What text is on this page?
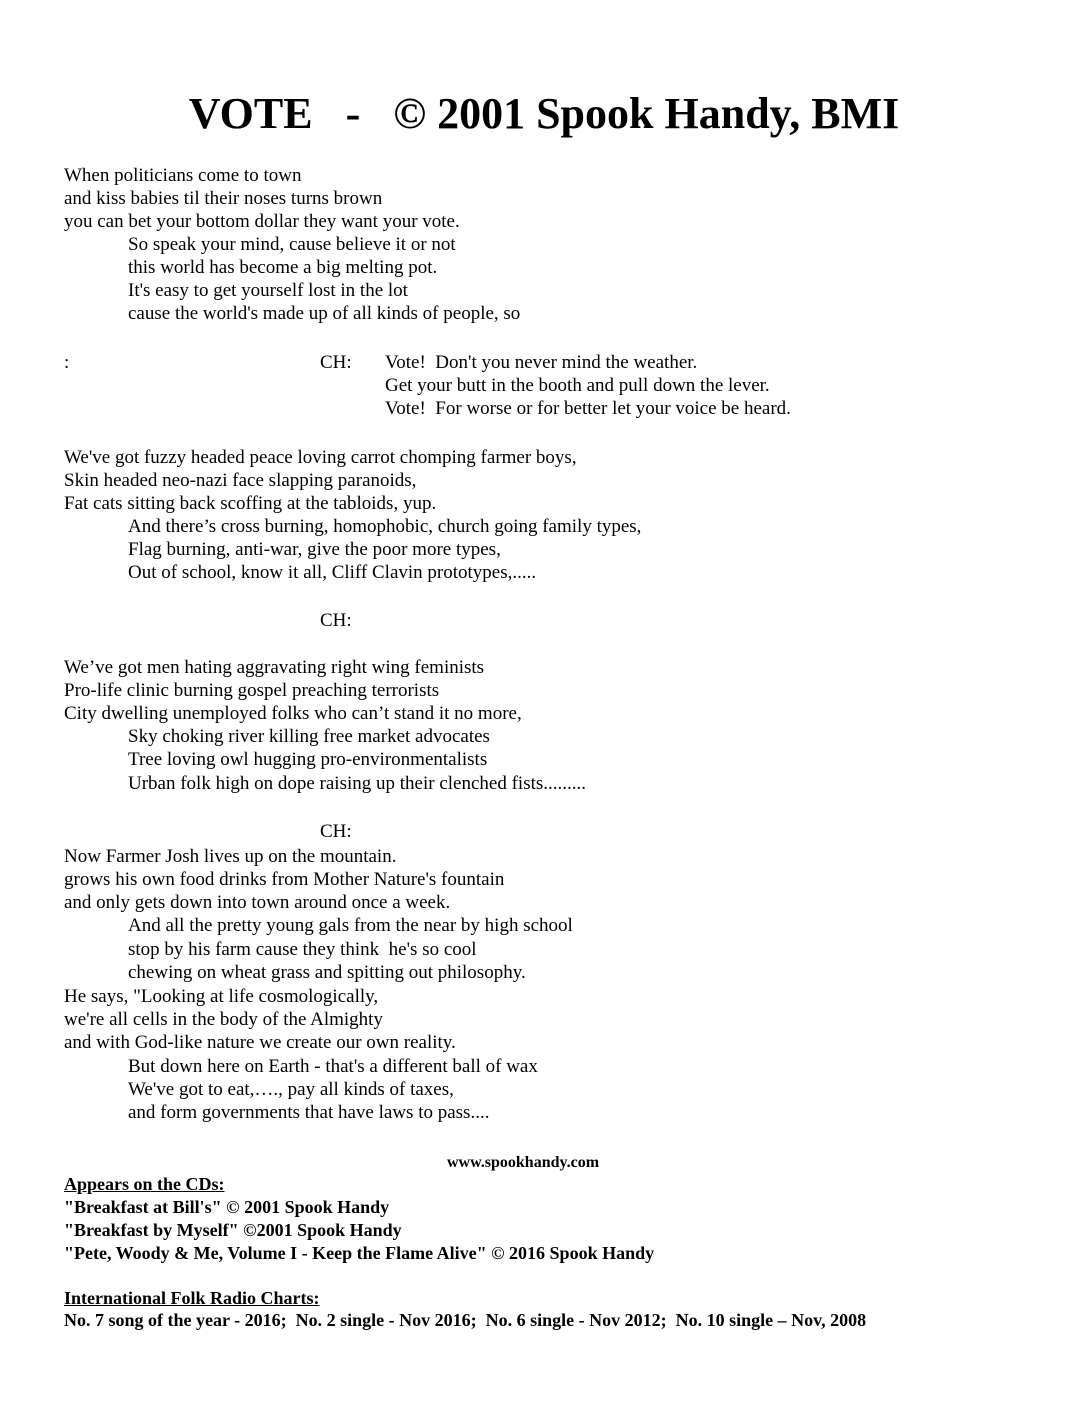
VOTE   -   © 2001 Spook Handy, BMI
When politicians come to town
and kiss babies til their noses turns brown
you can bet your bottom dollar they want your vote.
So speak your mind, cause believe it or not
this world has become a big melting pot.
It's easy to get yourself lost in the lot
cause the world's made up of all kinds of people, so
:	CH: Vote!  Don't you never mind the weather.
Get your butt in the booth and pull down the lever.
Vote!  For worse or for better let your voice be heard.
We've got fuzzy headed peace loving carrot chomping farmer boys,
Skin headed neo-nazi face slapping paranoids,
Fat cats sitting back scoffing at the tabloids, yup.
And there’s cross burning, homophobic, church going family types,
Flag burning, anti-war, give the poor more types,
Out of school, know it all, Cliff Clavin prototypes,.....
CH:
We’ve got men hating aggravating right wing feminists
Pro-life clinic burning gospel preaching terrorists
City dwelling unemployed folks who can’t stand it no more,
Sky choking river killing free market advocates
Tree loving owl hugging pro-environmentalists
Urban folk high on dope raising up their clenched fists.........
CH:
Now Farmer Josh lives up on the mountain.
grows his own food drinks from Mother Nature's fountain
and only gets down into town around once a week.
And all the pretty young gals from the near by high school
stop by his farm cause they think  he's so cool
chewing on wheat grass and spitting out philosophy.
He says, "Looking at life cosmologically,
we're all cells in the body of the Almighty
and with God-like nature we create our own reality.
But down here on Earth - that's a different ball of wax
We've got to eat,…., pay all kinds of taxes,
and form governments that have laws to pass....
www.spookhandy.com
Appears on the CDs:
"Breakfast at Bill's" © 2001 Spook Handy
"Breakfast by Myself" ©2001 Spook Handy
"Pete, Woody & Me, Volume I - Keep the Flame Alive" © 2016 Spook Handy
International Folk Radio Charts:
No. 7 song of the year - 2016;  No. 2 single - Nov 2016;  No. 6 single - Nov 2012;  No. 10 single – Nov, 2008
